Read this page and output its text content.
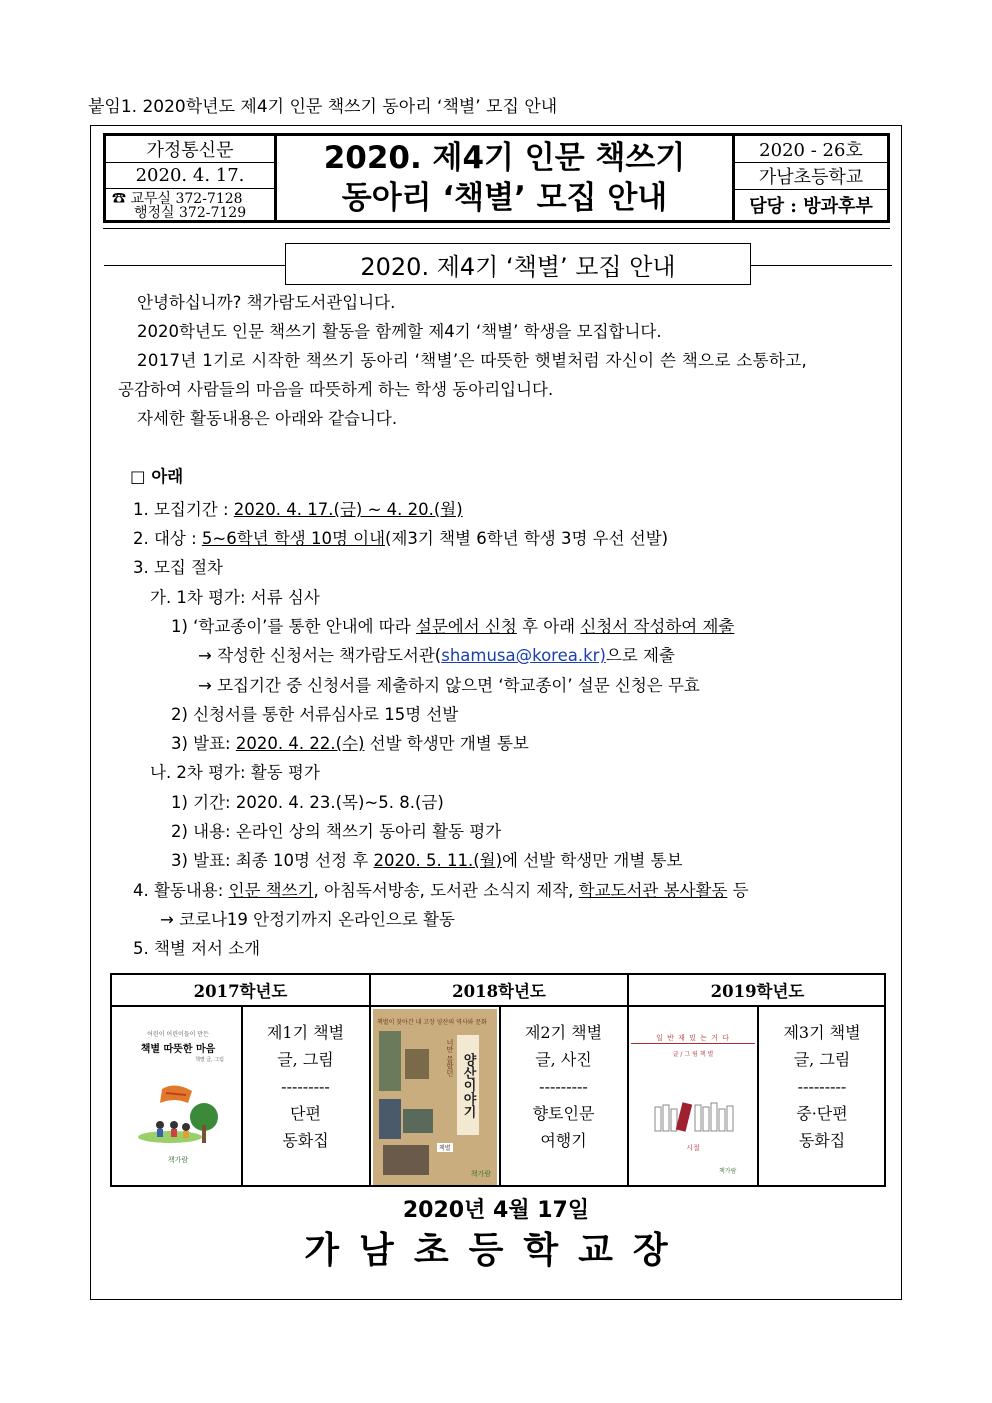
붙임1. 2020학년도 제4기 인문 책쓰기 동아리 ‘책별’ 모집 안내
가정통신문
2020. 4. 17.
☎ 교무실 372-7128
행정실 372-7129
2020. 제4기 인문 책쓰기
동아리 ‘책별’ 모집 안내
2020 - 26호
가남초등학교
담당 : 방과후부
2020. 제4기 ‘책별’ 모집 안내
안녕하십니까? 책가람도서관입니다.
2020학년도 인문 책쓰기 활동을 함께할 제4기 ‘책별’ 학생을 모집합니다.
2017년 1기로 시작한 책쓰기 동아리 ‘책별’은 따뜻한 햇볕처럼 자신이 쓴 책으로 소통하고,
공감하여 사람들의 마음을 따뜻하게 하는 학생 동아리입니다.
자세한 활동내용은 아래와 같습니다.
□ 아래
1. 모집기간 : 2020. 4. 17.(금) ~ 4. 20.(월)
2. 대상 : 5~6학년 학생 10명 이내(제3기 책별 6학년 학생 3명 우선 선발)
3. 모집 절차
가. 1차 평가: 서류 심사
1) ‘학교종이’를 통한 안내에 따라 설문에서 신청 후 아래 신청서 작성하여 제출
→ 작성한 신청서는 책가람도서관(shamusa@korea.kr)으로 제출
→ 모집기간 중 신청서를 제출하지 않으면 ‘학교종이’ 설문 신청은 무효
2) 신청서를 통한 서류심사로 15명 선발
3) 발표: 2020. 4. 22.(수) 선발 학생만 개별 통보
나. 2차 평가: 활동 평가
1) 기간: 2020. 4. 23.(목)~5. 8.(금)
2) 내용: 온라인 상의 책쓰기 동아리 활동 평가
3) 발표: 최종 10명 선정 후 2020. 5. 11.(월)에 선발 학생만 개별 통보
4. 활동내용: 인문 책쓰기, 아침독서방송, 도서관 소식지 제작, 학교도서관 봉사활동 등
→ 코로나19 안정기까지 온라인으로 활동
5. 책별 저서 소개
2017학년도	2018학년도	2019학년도
어린이 어린이들이 만든
책별 따뜻한 마음
책별 글, 그림
책가람
제1기 책별
글, 그림
---------
단편
동화집
책별이 찾아간 내 고장 양산의 역사와 문화
너만 몰랐던 양산이야기
책별
책가람
제2기 책별
글, 사진
---------
향토인문
여행기
일 반 재 밌 는 거 다
글 / 그 림 책 별
시절
책가람
제3기 책별
글, 그림
---------
중·단편
동화집
2020년 4월 17일
가남초등학교장
